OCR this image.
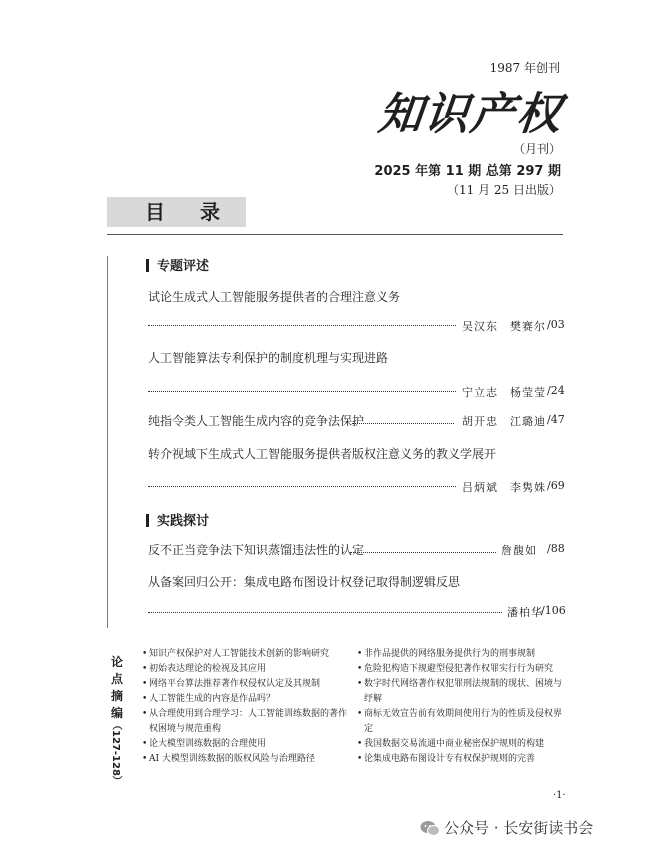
1987 年创刊
知识产权
（月刊）
2025 年第 11 期 总第 297 期
（11 月 25 日出版）
目 录
专题评述
试论生成式人工智能服务提供者的合理注意义务
吴汉东　樊赛尔 /03
人工智能算法专利保护的制度机理与实现进路
宁立志　杨莹莹 /24
纯指令类人工智能生成内容的竞争法保护	胡开忠　江璐迪 /47
转介视域下生成式人工智能服务提供者版权注意义务的教义学展开
吕炳斌　李隽姝 /69
实践探讨
反不正当竞争法下知识蒸馏违法性的认定	詹馥如 /88
从备案回归公开：集成电路布图设计权登记取得制逻辑反思
潘柏华
/106
论点摘编
（127-128）
• 知识产权保护对人工智能技术创新的影响研究
• 初始表达理论的检视及其应用
• 网络平台算法推荐著作权侵权认定及其规制
• 人工智能生成的内容是作品吗？
• 从合理使用到合理学习：人工智能训练数据的著作权困境与规范重构
• 论大模型训练数据的合理使用
• AI 大模型训练数据的版权风险与治理路径
• 非作品提供的网络服务提供行为的刑事规制
• 危险犯构造下规避型侵犯著作权罪实行行为研究
• 数字时代网络著作权犯罪刑法规制的现状、困境与纾解
• 商标无效宣告前有效期间使用行为的性质及侵权界定
• 我国数据交易流通中商业秘密保护规则的构建
• 论集成电路布图设计专有权保护规则的完善
·1·
公众号 · 长安街读书会
